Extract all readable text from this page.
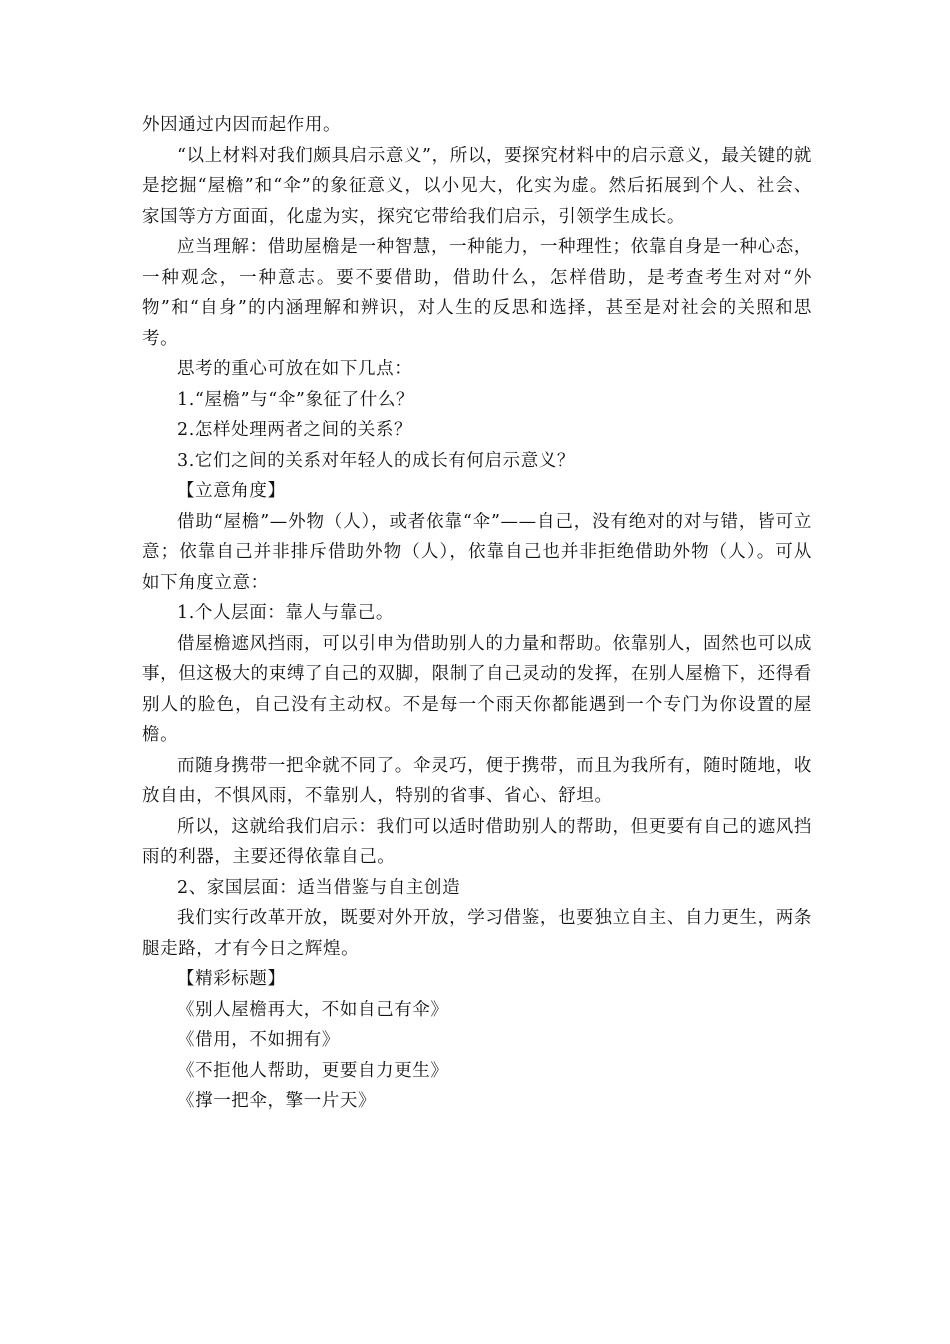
外因通过内因而起作用。

“以上材料对我们颇具启示意义”，所以，要探究材料中的启示意义，最关键的就是挖掘“屋檐”和“伞”的象征意义，以小见大，化实为虚。然后拓展到个人、社会、家国等方方面面，化虚为实，探究它带给我们启示，引领学生成长。

应当理解：借助屋檐是一种智慧，一种能力，一种理性；依靠自身是一种心态，一种观念，一种意志。要不要借助，借助什么，怎样借助，是考查考生对对“外物”和“自身”的内涵理解和辨识，对人生的反思和选择，甚至是对社会的关照和思考。

思考的重心可放在如下几点：

1.“屋檐”与“伞”象征了什么？

2.怎样处理两者之间的关系？

3.它们之间的关系对年轻人的成长有何启示意义？

【立意角度】

借助“屋檐”—外物（人），或者依靠“伞”——自己，没有绝对的对与错，皆可立意；依靠自己并非排斥借助外物（人），依靠自己也并非拒绝借助外物（人）。可从如下角度立意：

1.个人层面：靠人与靠己。

借屋檐遮风挡雨，可以引申为借助别人的力量和帮助。依靠别人，固然也可以成事，但这极大的束缚了自己的双脚，限制了自己灵动的发挥，在别人屋檐下，还得看别人的脸色，自己没有主动权。不是每一个雨天你都能遇到一个专门为你设置的屋檐。

而随身携带一把伞就不同了。伞灵巧，便于携带，而且为我所有，随时随地，收放自由，不惧风雨，不靠别人，特别的省事、省心、舒坦。

所以，这就给我们启示：我们可以适时借助别人的帮助，但更要有自己的遮风挡雨的利器，主要还得依靠自己。

2、家国层面：适当借鉴与自主创造

我们实行改革开放，既要对外开放，学习借鉴，也要独立自主、自力更生，两条腿走路，才有今日之辉煌。

【精彩标题】

《别人屋檐再大，不如自己有伞》

《借用，不如拥有》

《不拒他人帮助，更要自力更生》

《撑一把伞，擎一片天》
